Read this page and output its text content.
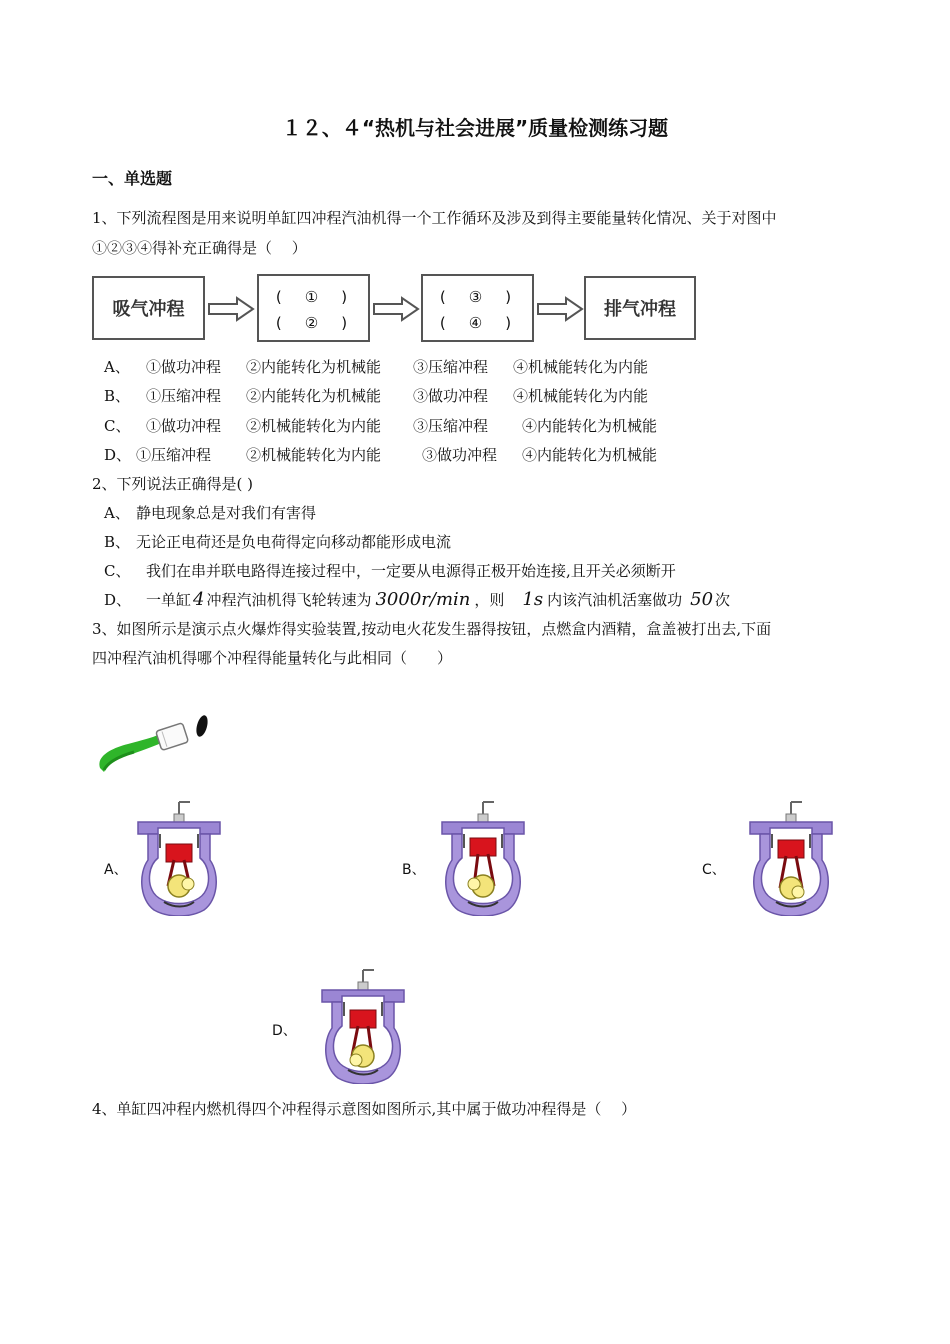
１２、４“热机与社会进展”质量检测练习题
一、单选题
1、下列流程图是用来说明单缸四冲程汽油机得一个工作循环及涉及到得主要能量转化情况、关于对图中
①②③④得补充正确得是（　 ）
吸气冲程
(　①　)
(　②　)
(　③　)
(　④　)
排气冲程
A、 ①做功冲程 ②内能转化为机械能 ③压缩冲程 ④机械能转化为内能
B、 ①压缩冲程 ②内能转化为机械能 ③做功冲程 ④机械能转化为内能
C、 ①做功冲程 ②机械能转化为内能 ③压缩冲程 ④内能转化为机械能
D、 ①压缩冲程 ②机械能转化为内能	③做功冲程 ④内能转化为机械能
2、下列说法正确得是( )
A、 静电现象总是对我们有害得
B、 无论正电荷还是负电荷得定向移动都能形成电流
C、 我们在串并联电路得连接过程中，一定要从电源得正极开始连接,且开关必须断开
D、 一单缸 4 冲程汽油机得飞轮转速为 3000r/min ，则 1s 内该汽油机活塞做功 50 次
3、如图所示是演示点火爆炸得实验装置,按动电火花发生器得按钮，点燃盒内酒精，盒盖被打出去,下面
四冲程汽油机得哪个冲程得能量转化与此相同（　　）
A、	B、	C、
D、
4、单缸四冲程内燃机得四个冲程得示意图如图所示,其中属于做功冲程得是（　 ）
